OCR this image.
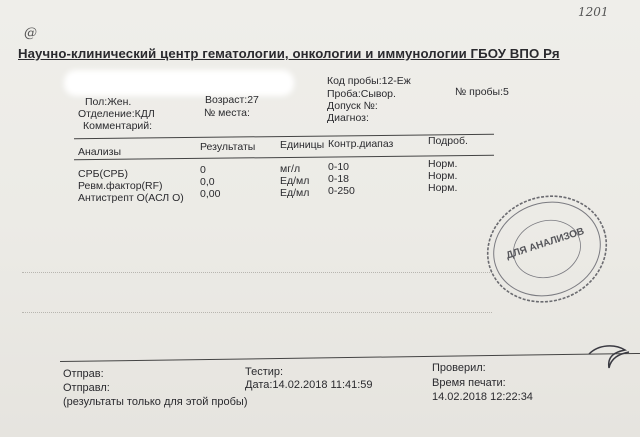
1201
@
Научно-клинический центр гематологии, онкологии и иммунологии ГБОУ ВПО Ря
Пол:Жен.	Возраст:27
Отделение:КДЛ	№ места:
Комментарий:
Код пробы:12-Еж
Проба:Сывор.	№ пробы:5
Допуск №:
Диагноз:
Анализы	Результаты Единицы Контр.диапаз	Подроб.
СРБ(СРБ)	0	мг/л	0-10	Норм.
Ревм.фактор(RF)	0,0	Ед/мл 0-18	Норм.
Антистрепт О(АСЛ О) 0,00	Ед/мл 0-250	Норм.
ДЛЯ АНАЛИЗОВ
Отправ:
Отправл:
(результаты только для этой пробы)
Тестир:
Дата:14.02.2018 11:41:59
Проверил:
Время печати:
14.02.2018 12:22:34
